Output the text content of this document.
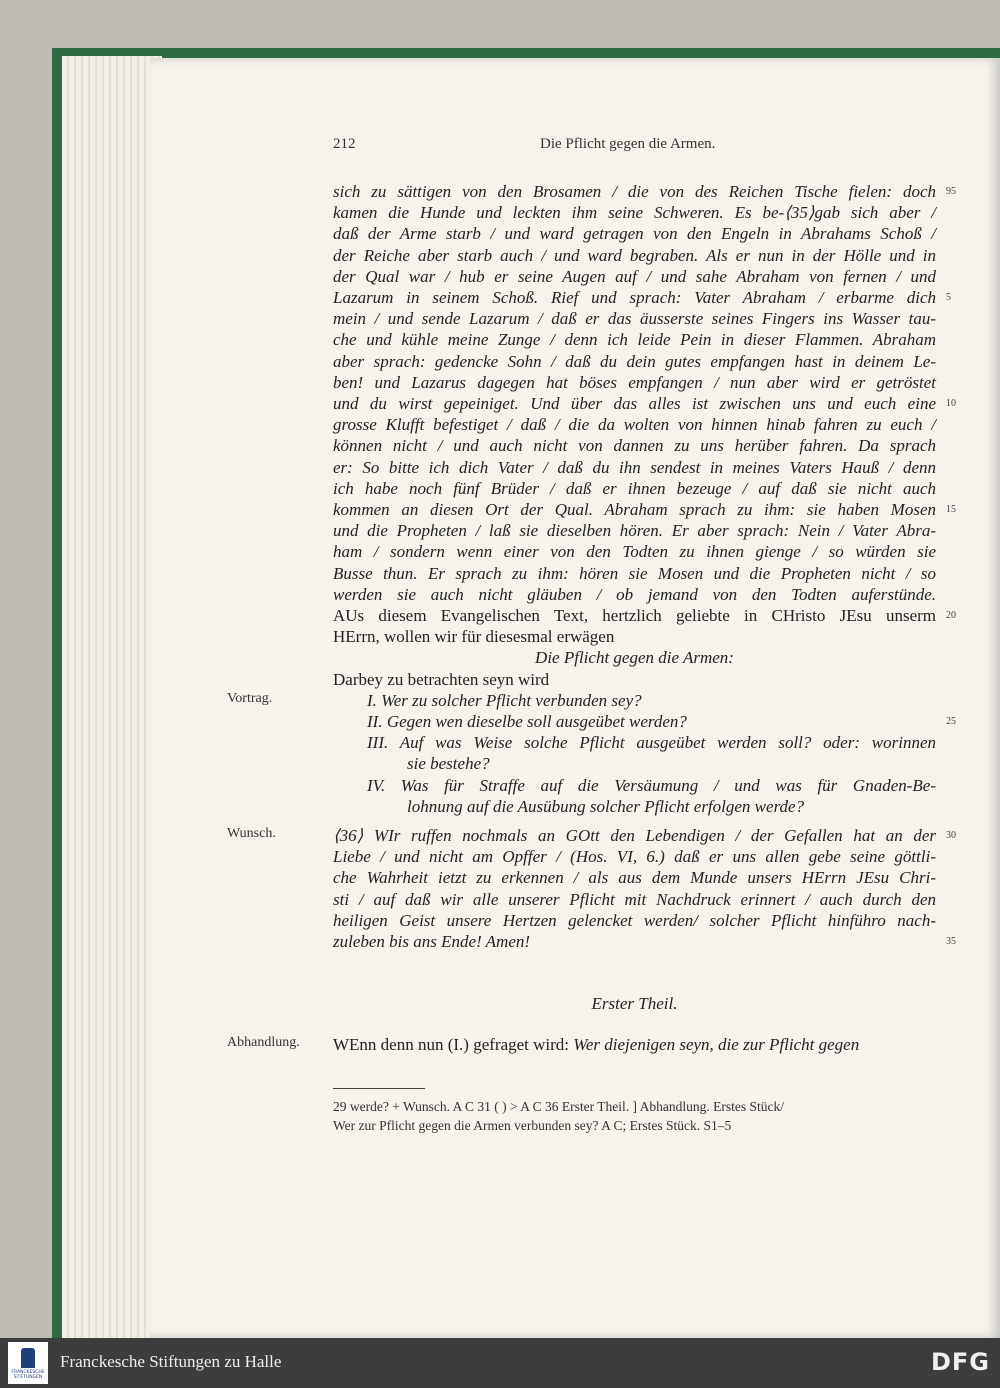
212	Die Pflicht gegen die Armen.
sich zu sättigen von den Brosamen / die von des Reichen Tische fielen: doch 95
kamen die Hunde und leckten ihm seine Schweren. Es be-⟨35⟩gab sich aber /
daß der Arme starb / und ward getragen von den Engeln in Abrahams Schoß /
der Reiche aber starb auch / und ward begraben. Als er nun in der Hölle und in
der Qual war / hub er seine Augen auf / und sahe Abraham von fernen / und
Lazarum in seinem Schoß. Rief und sprach: Vater Abraham / erbarme dich 5
mein / und sende Lazarum / daß er das äusserste seines Fingers ins Wasser tau-
che und kühle meine Zunge / denn ich leide Pein in dieser Flammen. Abraham
aber sprach: gedencke Sohn / daß du dein gutes empfangen hast in deinem Le-
ben! und Lazarus dagegen hat böses empfangen / nun aber wird er getröstet
und du wirst gepeiniget. Und über das alles ist zwischen uns und euch eine 10
grosse Klufft befestiget / daß / die da wolten von hinnen hinab fahren zu euch /
können nicht / und auch nicht von dannen zu uns herüber fahren. Da sprach
er: So bitte ich dich Vater / daß du ihn sendest in meines Vaters Hauß / denn
ich habe noch fünf Brüder / daß er ihnen bezeuge / auf daß sie nicht auch
kommen an diesen Ort der Qual. Abraham sprach zu ihm: sie haben Mosen 15
und die Propheten / laß sie dieselben hören. Er aber sprach: Nein / Vater Abra-
ham / sondern wenn einer von den Todten zu ihnen gienge / so würden sie
Busse thun. Er sprach zu ihm: hören sie Mosen und die Propheten nicht / so
werden sie auch nicht gläuben / ob jemand von den Todten auferstünde.
AUs diesem Evangelischen Text, hertzlich geliebte in CHristo JEsu unserm 20
HErrn, wollen wir für diesesmal erwägen
Die Pflicht gegen die Armen:
Darbey zu betrachten seyn wird
I. Wer zu solcher Pflicht verbunden sey?
Vortrag.
II. Gegen wen dieselbe soll ausgeübet werden?	25
III. Auf was Weise solche Pflicht ausgeübet werden soll? oder: worinnen
sie bestehe?
IV. Was für Straffe auf die Versäumung / und was für Gnaden-Be-
lohnung auf die Ausübung solcher Pflicht erfolgen werde?
⟨36⟩ WIr ruffen nochmals an GOtt den Lebendigen / der Gefallen hat an der 30
Wunsch.
Liebe / und nicht am Opffer / (Hos. VI, 6.) daß er uns allen gebe seine göttli-
che Wahrheit ietzt zu erkennen / als aus dem Munde unsers HErrn JEsu Chri-
sti / auf daß wir alle unserer Pflicht mit Nachdruck erinnert / auch durch den
heiligen Geist unsere Hertzen gelencket werden/ solcher Pflicht hinführo nach-
zuleben bis ans Ende! Amen!	35
Erster Theil.
Abhandlung. WEnn denn nun (I.) gefraget wird: Wer diejenigen seyn, die zur Pflicht gegen
29 werde? + Wunsch. A C 31 ( ) > A C 36 Erster Theil. ] Abhandlung. Erstes Stück/
Wer zur Pflicht gegen die Armen verbunden sey? A C; Erstes Stück. S1–5
FRANCKESCHE STIFTUNGEN
Franckesche Stiftungen zu Halle	DFG
